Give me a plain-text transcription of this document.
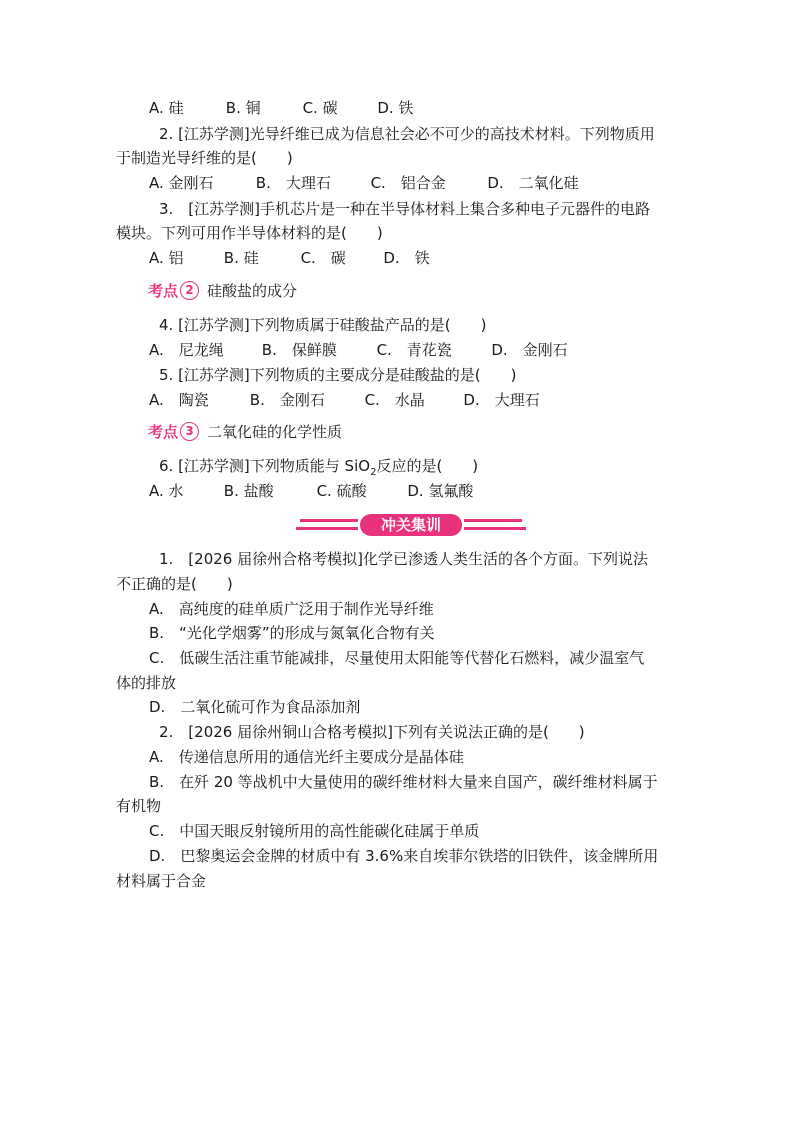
A. 硅	B. 铜	C. 碳	D. 铁
2. [江苏学测]光导纤维已成为信息社会必不可少的高技术材料。下列物质用
于制造光导纤维的是(　　)
A. 金刚石	B.　大理石	C.　铝合金	D.　二氧化硅
3.　[江苏学测]手机芯片是一种在半导体材料上集合多种电子元器件的电路
模块。下列可用作半导体材料的是(　　)
A. 铝	B. 硅	C.　碳	D.　铁
考点 2 硅酸盐的成分
4. [江苏学测]下列物质属于硅酸盐产品的是(　　)
A.　尼龙绳	B.　保鲜膜	C.　青花瓷	D.　金刚石
5. [江苏学测]下列物质的主要成分是硅酸盐的是(　　)
A.　陶瓷	B.　金刚石	C.　水晶	D.　大理石
考点 3 二氧化硅的化学性质
6. [江苏学测]下列物质能与 SiO$_2$反应的是(　　)
A. 水	B. 盐酸	C. 硫酸	D. 氢氟酸
冲关集训
1.　[2026 届徐州合格考模拟]化学已渗透人类生活的各个方面。下列说法
不正确的是(　　)
A.　高纯度的硅单质广泛用于制作光导纤维
B.　“光化学烟雾”的形成与氮氧化合物有关
C.　低碳生活注重节能减排，尽量使用太阳能等代替化石燃料，减少温室气
体的排放
D.　二氧化硫可作为食品添加剂
2.　[2026 届徐州铜山合格考模拟]下列有关说法正确的是(　　)
A.　传递信息所用的通信光纤主要成分是晶体硅
B.　在歼 20 等战机中大量使用的碳纤维材料大量来自国产，碳纤维材料属于
有机物
C.　中国天眼反射镜所用的高性能碳化硅属于单质
D.　巴黎奥运会金牌的材质中有 3.6%来自埃菲尔铁塔的旧铁件，该金牌所用
材料属于合金
